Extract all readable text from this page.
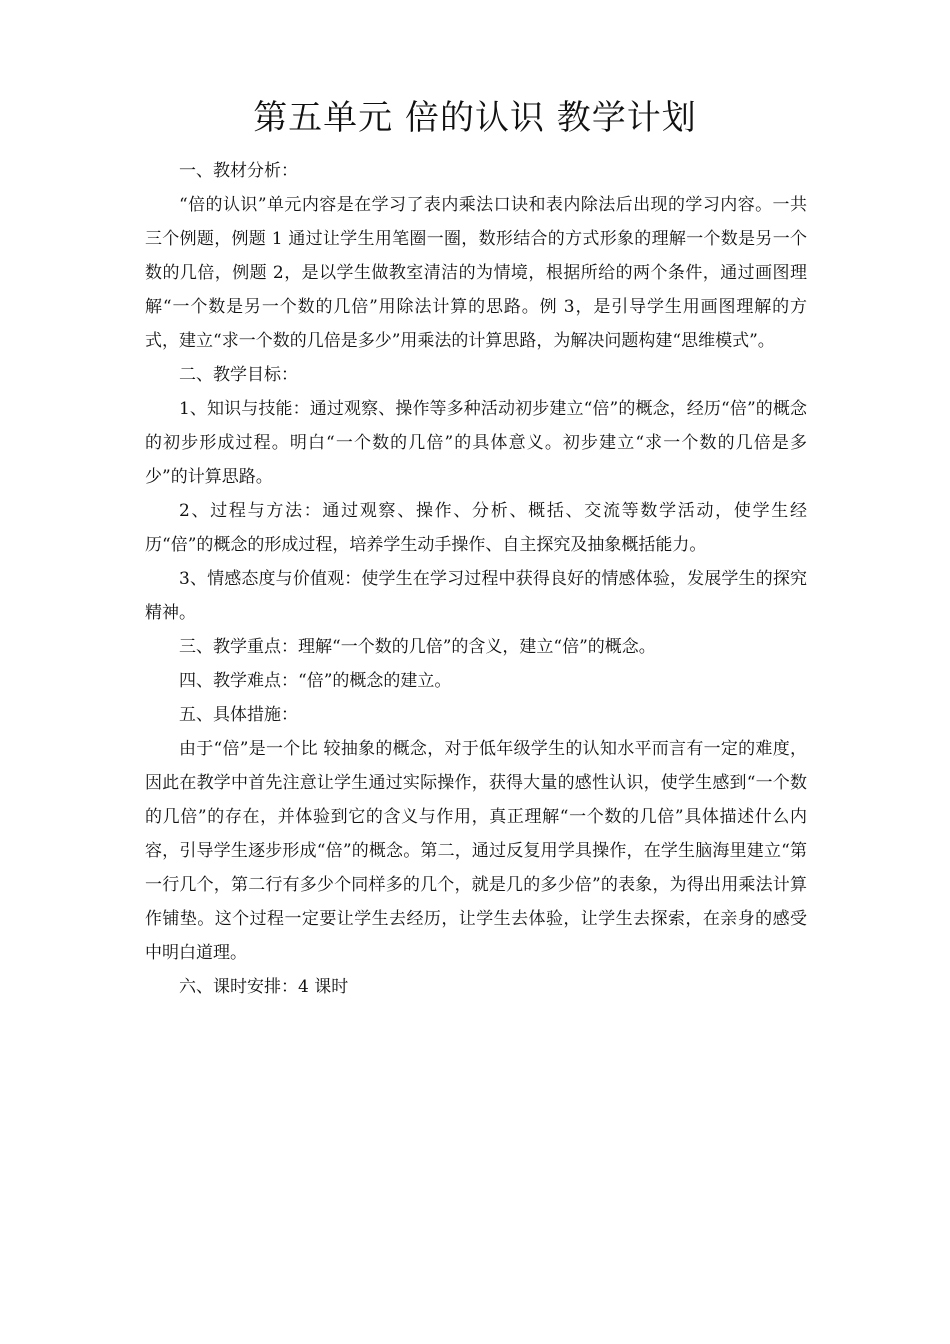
第五单元 倍的认识 教学计划

一、教材分析：

“倍的认识”单元内容是在学习了表内乘法口诀和表内除法后出现的学习内容。一共三个例题，例题 1 通过让学生用笔圈一圈，数形结合的方式形象的理解一个数是另一个数的几倍，例题 2，是以学生做教室清洁的为情境，根据所给的两个条件，通过画图理解“一个数是另一个数的几倍”用除法计算的思路。例 3，是引导学生用画图理解的方式，建立“求一个数的几倍是多少”用乘法的计算思路，为解决问题构建“思维模式”。

二、教学目标：

1、知识与技能：通过观察、操作等多种活动初步建立“倍”的概念，经历“倍”的概念的初步形成过程。明白“一个数的几倍”的具体意义。初步建立“求一个数的几倍是多少”的计算思路。

2、过程与方法：通过观察、操作、分析、概括、交流等数学活动，使学生经历“倍”的概念的形成过程，培养学生动手操作、自主探究及抽象概括能力。

3、情感态度与价值观：使学生在学习过程中获得良好的情感体验，发展学生的探究精神。

三、教学重点：理解“一个数的几倍”的含义，建立“倍”的概念。

四、教学难点：“倍”的概念的建立。

五、具体措施：

由于“倍”是一个比 较抽象的概念，对于低年级学生的认知水平而言有一定的难度，因此在教学中首先注意让学生通过实际操作，获得大量的感性认识，使学生感到“一个数的几倍”的存在，并体验到它的含义与作用，真正理解“一个数的几倍”具体描述什么内容，引导学生逐步形成“倍”的概念。第二，通过反复用学具操作，在学生脑海里建立“第一行几个，第二行有多少个同样多的几个，就是几的多少倍”的表象，为得出用乘法计算作铺垫。这个过程一定要让学生去经历，让学生去体验，让学生去探索，在亲身的感受中明白道理。

六、课时安排：4 课时
